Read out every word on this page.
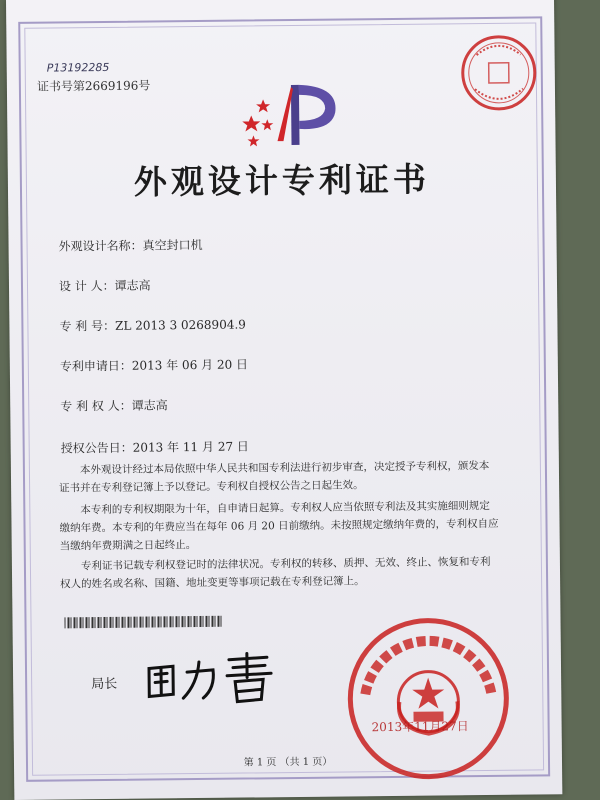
P13192285
证书号第2669196号
外观设计专利证书
外观设计名称：真空封口机
设 计 人：谭志高
专 利 号：ZL 2013 3 0268904.9
专利申请日：2013 年 06 月 20 日
专 利 权 人：谭志高
授权公告日：2013 年 11 月 27 日
本外观设计经过本局依照中华人民共和国专利法进行初步审查，决定授予专利权，颁发本证书并在专利登记簿上予以登记。专利权自授权公告之日起生效。
本专利的专利权期限为十年，自申请日起算。专利权人应当依照专利法及其实施细则规定缴纳年费。本专利的年费应当在每年 06 月 20 日前缴纳。未按照规定缴纳年费的，专利权自应当缴纳年费期满之日起终止。
专利证书记载专利权登记时的法律状况。专利权的转移、质押、无效、终止、恢复和专利权人的姓名或名称、国籍、地址变更等事项记载在专利登记簿上。
局长
2013年11月27日
第 1 页 （共 1 页）
